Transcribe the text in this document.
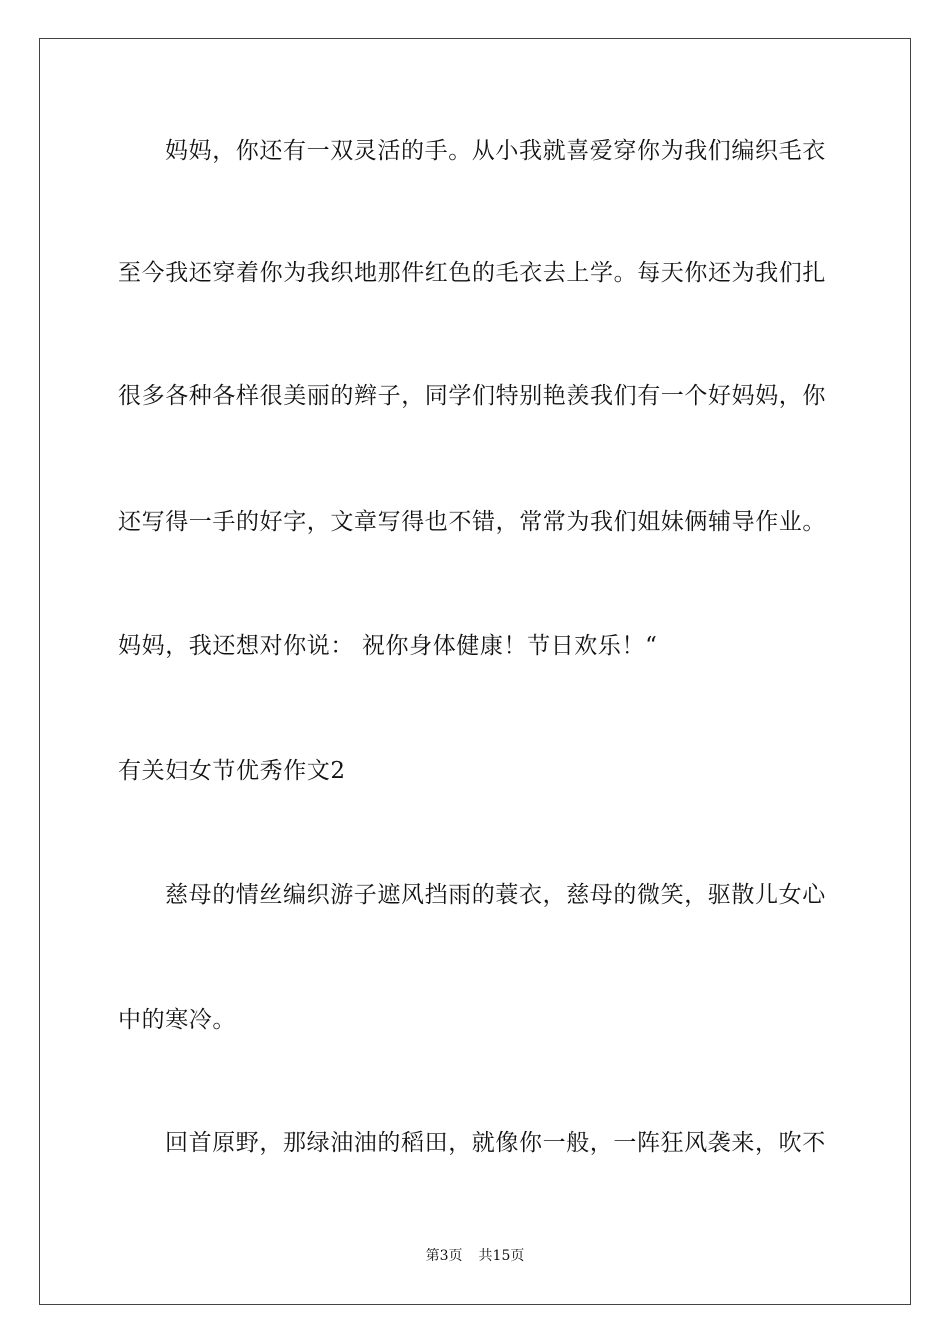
妈妈，你还有一双灵活的手。从小我就喜爱穿你为我们编织毛衣
至今我还穿着你为我织地那件红色的毛衣去上学。每天你还为我们扎
很多各种各样很美丽的辫子，同学们特别艳羡我们有一个好妈妈，你
还写得一手的好字，文章写得也不错，常常为我们姐妹俩辅导作业。
妈妈，我还想对你说： 祝你身体健康！节日欢乐！“
有关妇女节优秀作文2
慈母的情丝编织游子遮风挡雨的蓑衣，慈母的微笑，驱散儿女心
中的寒冷。
回首原野，那绿油油的稻田，就像你一般，一阵狂风袭来，吹不
第3页 共15页
